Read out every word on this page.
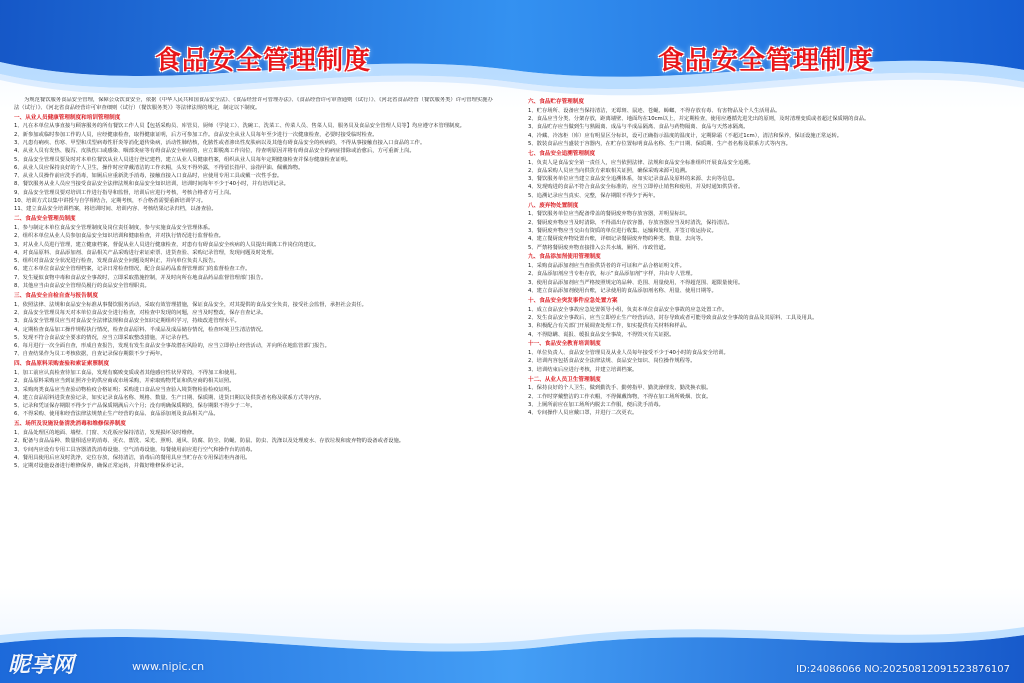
食品安全管理制度	食品安全管理制度
为规范餐饮服务食品安全管理，保障公众饮食安全，依据《中华人民共和国食品安全法》、《食品经营许可管理办法》、《食品经营许可审查通则（试行）》、《河北省食品经营（餐饮服务类）许可管理实施办法（试行）》、《河北省食品经营许可审查细则（试行）（餐饮服务类）》等法律法规的规定，制定以下制度。
一、从业人员健康管理制度和培训管理制度
1、凡在本单位从事直接与顾客服务的所有餐饮工作人员【包括采购员、库管员、厨师（学徒工）、洗碗工、洗菜工、传菜人员、售菜人员、服务员及食品安全管理人员等】均应遵守本管理制度。
2、新参加或临时参加工作的人员，应经健康检查，取得健康证明，后方可参加工作。食品安全从业人员每年至少进行一次健康检查，必要时接受临时检查。
3、凡患有痢疾、伤寒、甲型和戊型病毒性肝炎等消化道传染病，活动性肺结核，化脓性或者渗出性皮肤病以及其他有碍食品安全的疾病的，不得从事接触直接入口食品的工作。
4、从业人员有发热、腹泻、皮肤伤口或感染、咽部炎症等有碍食品安全病症的，应立即脱离工作岗位，待查明原因并将有碍食品安全的病症排除或治愈后，方可重新上岗。
5、食品安全管理员要及时对本单位餐饮从业人员进行登记建档，建立从业人员健康档案，组织从业人员每年定期健康检查并保存健康检查证明。
6、从业人员应保持良好的个人卫生，操作时应穿戴清洁的工作衣帽，头发不得外露，不得留长指甲、涂指甲油、佩戴饰物。
7、从业人员操作前应洗手消毒，如厕后应重新洗手消毒，接触直接入口食品时，应使用专用工具或戴一次性手套。
8、餐饮服务从业人员应当接受食品安全法律法规和食品安全知识培训，培训时间每年不少于40小时，并有培训记录。
9、食品安全管理员要对培训工作进行指导和监督，培训后应进行考核，考核合格者方可上岗。
10、培训方式以集中讲授与自学相结合，定期考核，不合格者需要重新培训学习。
11、建立食品安全培训档案，将培训时间、培训内容、考核结果记录归档，以备查验。
二、食品安全管理员制度
1、参与制定本单位食品安全管理制度及岗位责任制度，参与实施食品安全管理体系。
2、组织本单位从业人员参加食品安全知识培训和健康检查，并对执行情况进行监督检查。
3、对从业人员进行管理，建立健康档案，督促从业人员进行健康检查，对患有有碍食品安全疾病的人员提出调离工作岗位的建议。
4、对食品原料、食品添加剂、食品相关产品采购进行索证索票、进货查验、采购记录管理，发现问题及时处理。
5、组织对食品安全状况进行检查，发现食品安全问题及时纠正，并向单位负责人报告。
6、建立本单位食品安全管理档案，记录日常检查情况，配合食品药品监督管理部门的监督检查工作。
7、发生疑似食物中毒和食品安全事故时，立即采取措施控制，并及时向所在地食品药品监督管理部门报告。
8、其他应当由食品安全管理员履行的食品安全管理职责。
三、食品安全自检自查与报告制度
1、依照法律、法规和食品安全标准从事餐饮服务活动，采取有效管理措施，保证食品安全，对其提供的食品安全负责，接受社会监督，承担社会责任。
2、食品安全管理员每天对本单位食品安全进行检查，对检查中发现的问题，应当及时整改，保存自查记录。
3、食品安全管理员应当对食品安全法律法规和食品安全知识定期组织学习，持续改进管理水平。
4、定期检查食品加工操作规程执行情况，检查食品原料、半成品及成品储存情况，检查环境卫生清洁情况。
5、发现不符合食品安全要求的情况，应当立即采取整改措施，并记录存档。
6、每月进行一次全面自查，形成自查报告，发现有发生食品安全事故潜在风险的，应当立即停止经营活动，并向所在地监管部门报告。
7、自查结果作为员工考核依据，自查记录保存期限不少于两年。
四、食品原料采购查验和索证索票制度
1、加工前应认真检查待加工食品，发现有腐败变质或者其他感官性状异常的，不得加工和使用。
2、食品原料采购应当到证照齐全的供应商或市场采购，并索取购物凭证和供应商的相关证照。
3、采购肉类食品应当查验动物检疫合格证明；采购进口食品应当查验入境货物检验检疫证明。
4、建立食品原料进货查验记录，如实记录食品名称、规格、数量、生产日期、保质期、进货日期以及供货者名称及联系方式等内容。
5、记录和凭证保存期限不得少于产品保质期满后六个月；没有明确保质期的，保存期限不得少于二年。
6、不得采购、使用和经营法律法规禁止生产经营的食品、食品添加剂及食品相关产品。
五、场所及设施设备清洗消毒和维修保养制度
1、食品处理区的地面、墙壁、门窗、天花板应保持清洁，发现损坏及时维修。
2、配备与食品品种、数量相适应的消毒、更衣、盥洗、采光、照明、通风、防腐、防尘、防蝇、防鼠、防虫、洗涤以及处理废水、存放垃圾和废弃物的设备或者设施。
3、专间内应设有专用工具容器清洗消毒设施、空气消毒设施，每餐使用前应进行空气和操作台的消毒。
4、餐用具使用后应及时洗净，定位存放，保持清洁，消毒后的餐用具应当贮存在专用保洁柜内备用。
5、定期对设施设备进行维修保养，确保正常运转，并做好维修保养记录。
六、食品贮存管理制度
1、贮存场所、设备应当保持清洁，无霉斑、鼠迹、苍蝇、蟑螂，不得存放有毒、有害物品及个人生活用品。
2、食品应当分类、分架存放，距离墙壁、地面均在10cm以上，并定期检查，使用应遵循先进先出的原则，及时清理变质或者超过保质期的食品。
3、食品贮存应当做到生与熟隔离、成品与半成品隔离、食品与药物隔离、食品与天然冰隔离。
4、冷藏、冷冻柜（库）应有明显区分标识，设可正确指示温度的温度计，定期除霜（不超过1cm），清洁和保养，保证设施正常运转。
5、散装食品应当盛装于容器内，在贮存位置标明食品名称、生产日期、保质期、生产者名称及联系方式等内容。
七、食品安全追溯管理制度
1、负责人是食品安全第一责任人，应当依照法律、法规和食品安全标准组织开展食品安全追溯。
2、食品采购人员应当向供货方索取相关证照，确保采购来源可追溯。
3、餐饮服务单位应当建立食品安全追溯体系，如实记录食品及原料的来源、去向等信息。
4、发现购进的食品不符合食品安全标准的，应当立即停止销售和使用，并及时通知供货者。
5、追溯记录应当真实、完整，保存期限不得少于两年。
八、废弃物处置制度
1、餐饮服务单位应当配备带盖的餐厨废弃物存放容器，并明显标识。
2、餐厨废弃物应当及时清除，不得溢出存放容器，存放容器应当及时清洗，保持清洁。
3、餐厨废弃物应当交由有资质的单位进行收集、运输和处理，并签订收运协议。
4、建立餐厨废弃物处置台账，详细记录餐厨废弃物的种类、数量、去向等。
5、严禁将餐厨废弃物直接排入公共水域、厕所、市政管道。
九、食品添加剂使用管理制度
1、采购食品添加剂应当查验供货者的许可证和产品合格证明文件。
2、食品添加剂应当专柜存放，标示“食品添加剂”字样，并由专人管理。
3、使用食品添加剂应当严格按照规定的品种、范围、用量使用，不得超范围、超限量使用。
4、建立食品添加剂使用台账，记录使用的食品添加剂名称、用量、使用日期等。
十、食品安全突发事件应急处置方案
1、成立食品安全事故应急处置领导小组，负责本单位食品安全事故的应急处置工作。
2、发生食品安全事故后，应当立即停止生产经营活动，封存导致或者可能导致食品安全事故的食品及其原料、工具及用具。
3、积极配合有关部门开展调查处理工作，如实提供有关材料和样品。
4、不得隐瞒、谎报、缓报食品安全事故，不得毁灭有关证据。
十一、食品安全教育培训制度
1、单位负责人、食品安全管理员及从业人员每年接受不少于40小时的食品安全培训。
2、培训内容包括食品安全法律法规、食品安全知识、岗位操作规程等。
3、培训结束后应进行考核，并建立培训档案。
十二、从业人员卫生管理制度
1、保持良好的个人卫生，做到勤洗手、勤剪指甲、勤洗澡理发、勤洗换衣服。
2、工作时穿戴整洁的工作衣帽，不得佩戴饰物，不得在加工场所吸烟、饮食。
3、上厕所前应在加工场所内脱去工作服，便后洗手消毒。
4、专间操作人员应戴口罩，并进行二次更衣。
昵享网	www.nipic.cn	ID:24086066 NO:20250812091523876107
